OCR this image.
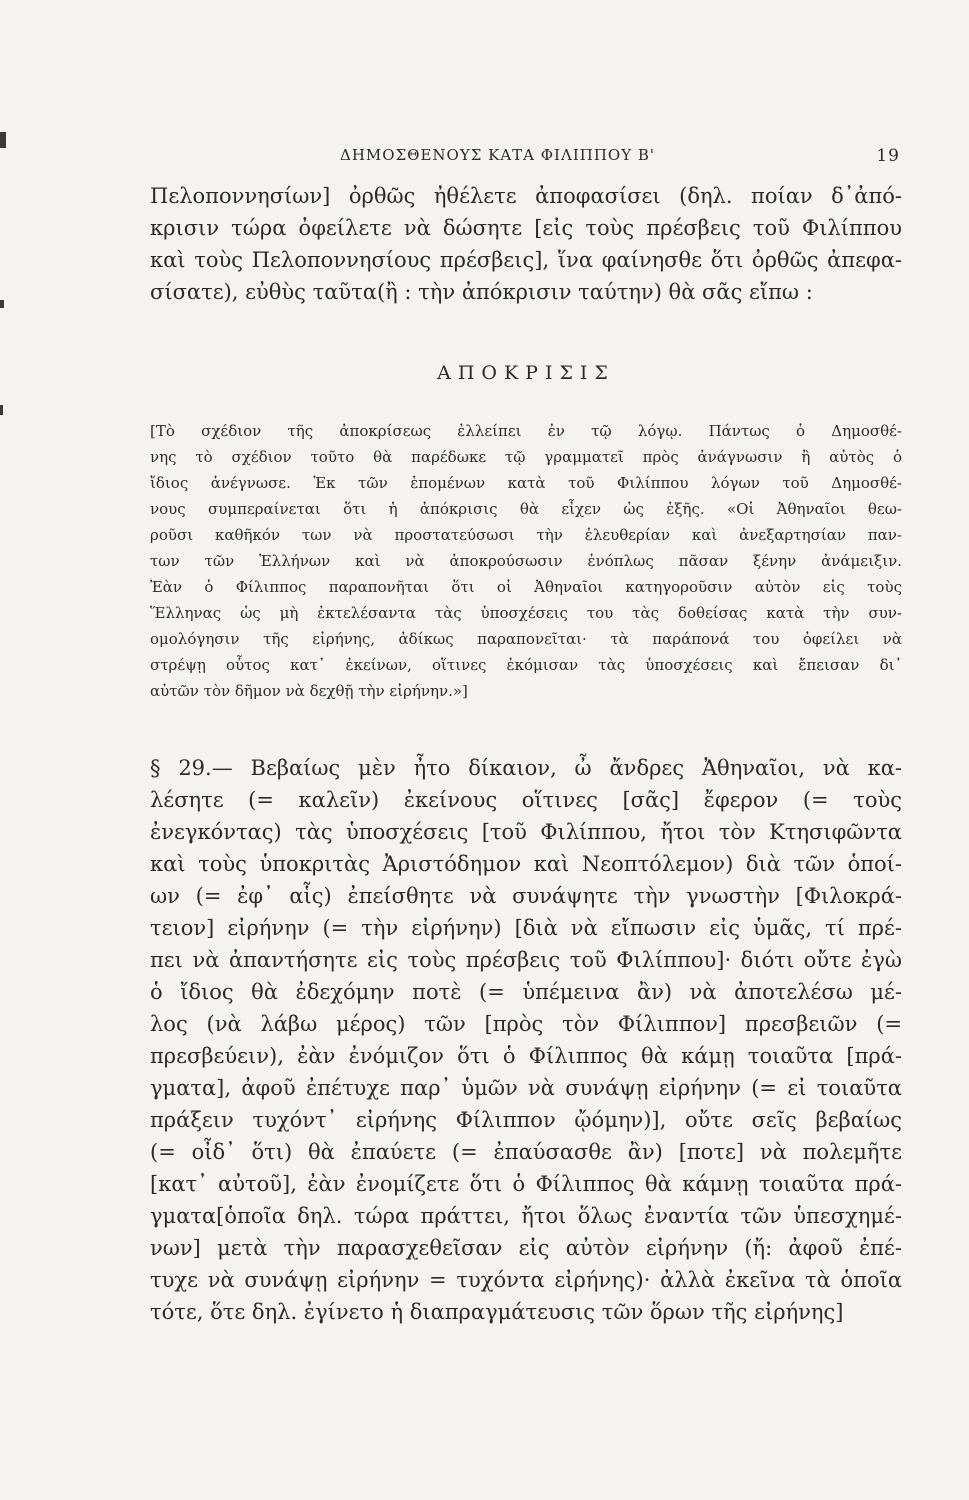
ΔΗΜΟΣΘΕΝΟΥΣ ΚΑΤΑ ΦΙΛΙΠΠΟΥ Β'	19
Πελοποννησίων] ὀρθῶς ἠθέλετε ἀποφασίσει (δηλ. ποίαν δ᾽ἀπό-
κρισιν τώρα ὀφείλετε νὰ δώσητε [εἰς τοὺς πρέσβεις τοῦ Φιλίππου
καὶ τοὺς Πελοποννησίους πρέσβεις], ἵνα φαίνησθε ὅτι ὀρθῶς ἀπεφα-
σίσατε), εὐθὺς ταῦτα(ἢ : τὴν ἀπόκρισιν ταύτην) θὰ σᾶς εἴπω :
ΑΠΟΚΡΙΣΙΣ
[Τὸ σχέδιον τῆς ἀποκρίσεως ἐλλείπει ἐν τῷ λόγῳ. Πάντως ὁ Δημοσθέ-
νης τὸ σχέδιον τοῦτο θὰ παρέδωκε τῷ γραμματεῖ πρὸς ἀνάγνωσιν ἢ αὐτὸς ὁ
ἴδιος ἀνέγνωσε. Ἐκ τῶν ἑπομένων κατὰ τοῦ Φιλίππου λόγων τοῦ Δημοσθέ-
νους συμπεραίνεται ὅτι ἡ ἀπόκρισις θὰ εἶχεν ὡς ἑξῆς. «Οἱ Ἀθηναῖοι θεω-
ροῦσι καθῆκόν των νὰ προστατεύσωσι τὴν ἐλευθερίαν καὶ ἀνεξαρτησίαν παν-
των τῶν Ἑλλήνων καὶ νὰ ἀποκρούσωσιν ἐνόπλως πᾶσαν ξένην ἀνάμειξιν.
Ἐὰν ὁ Φίλιππος παραπονῆται ὅτι οἱ Ἀθηναῖοι κατηγοροῦσιν αὐτὸν εἰς τοὺς
Ἕλληνας ὡς μὴ ἐκτελέσαντα τὰς ὑποσχέσεις του τὰς δοθείσας κατὰ τὴν συν-
ομολόγησιν τῆς εἰρήνης, ἀδίκως παραπονεῖται· τὰ παράπονά του ὀφείλει νὰ
στρέψῃ οὗτος κατ᾽ ἐκείνων, οἵτινες ἐκόμισαν τὰς ὑποσχέσεις καὶ ἔπεισαν δι᾽
αὐτῶν τὸν δῆμον νὰ δεχθῇ τὴν εἰρήνην.»]
§ 29.— Βεβαίως μὲν ἦτο δίκαιον, ὦ ἄνδρες Ἀθηναῖοι, νὰ κα-
λέσητε (= καλεῖν) ἐκείνους οἵτινες [σᾶς] ἔφερον (= τοὺς
ἐνεγκόντας) τὰς ὑποσχέσεις [τοῦ Φιλίππου, ἤτοι τὸν Κτησιφῶντα
καὶ τοὺς ὑποκριτὰς Ἀριστόδημον καὶ Νεοπτόλεμον) διὰ τῶν ὁποί-
ων (= ἐφ᾽ αἷς) ἐπείσθητε νὰ συνάψητε τὴν γνωστὴν [Φιλοκρά-
τειον] εἰρήνην (= τὴν εἰρήνην) [διὰ νὰ εἴπωσιν εἰς ὑμᾶς, τί πρέ-
πει νὰ ἀπαντήσητε εἰς τοὺς πρέσβεις τοῦ Φιλίππου]· διότι οὔτε ἐγὼ
ὁ ἴδιος θὰ ἐδεχόμην ποτὲ (= ὑπέμεινα ἂν) νὰ ἀποτελέσω μέ-
λος (νὰ λάβω μέρος) τῶν [πρὸς τὸν Φίλιππον] πρεσβειῶν (=
πρεσβεύειν), ἐὰν ἐνόμιζον ὅτι ὁ Φίλιππος θὰ κάμῃ τοιαῦτα [πρά-
γματα], ἀφοῦ ἐπέτυχε παρ᾽ ὑμῶν νὰ συνάψῃ εἰρήνην (= εἰ τοιαῦτα
πράξειν τυχόντ᾽ εἰρήνης Φίλιππον ᾤόμην)], οὔτε σεῖς βεβαίως
(= οἶδ᾽ ὅτι) θὰ ἐπαύετε (= ἐπαύσασθε ἂν) [ποτε] νὰ πολεμῆτε
[κατ᾽ αὐτοῦ], ἐὰν ἐνομίζετε ὅτι ὁ Φίλιππος θὰ κάμνῃ τοιαῦτα πρά-
γματα[ὁποῖα δηλ. τώρα πράττει, ἤτοι ὅλως ἐναντία τῶν ὑπεσχημέ-
νων] μετὰ τὴν παρασχεθεῖσαν εἰς αὐτὸν εἰρήνην (ἤ: ἀφοῦ ἐπέ-
τυχε νὰ συνάψῃ εἰρήνην = τυχόντα εἰρήνης)· ἀλλὰ ἐκεῖνα τὰ ὁποῖα
τότε, ὅτε δηλ. ἐγίνετο ἡ διαπραγμάτευσις τῶν ὅρων τῆς εἰρήνης]
